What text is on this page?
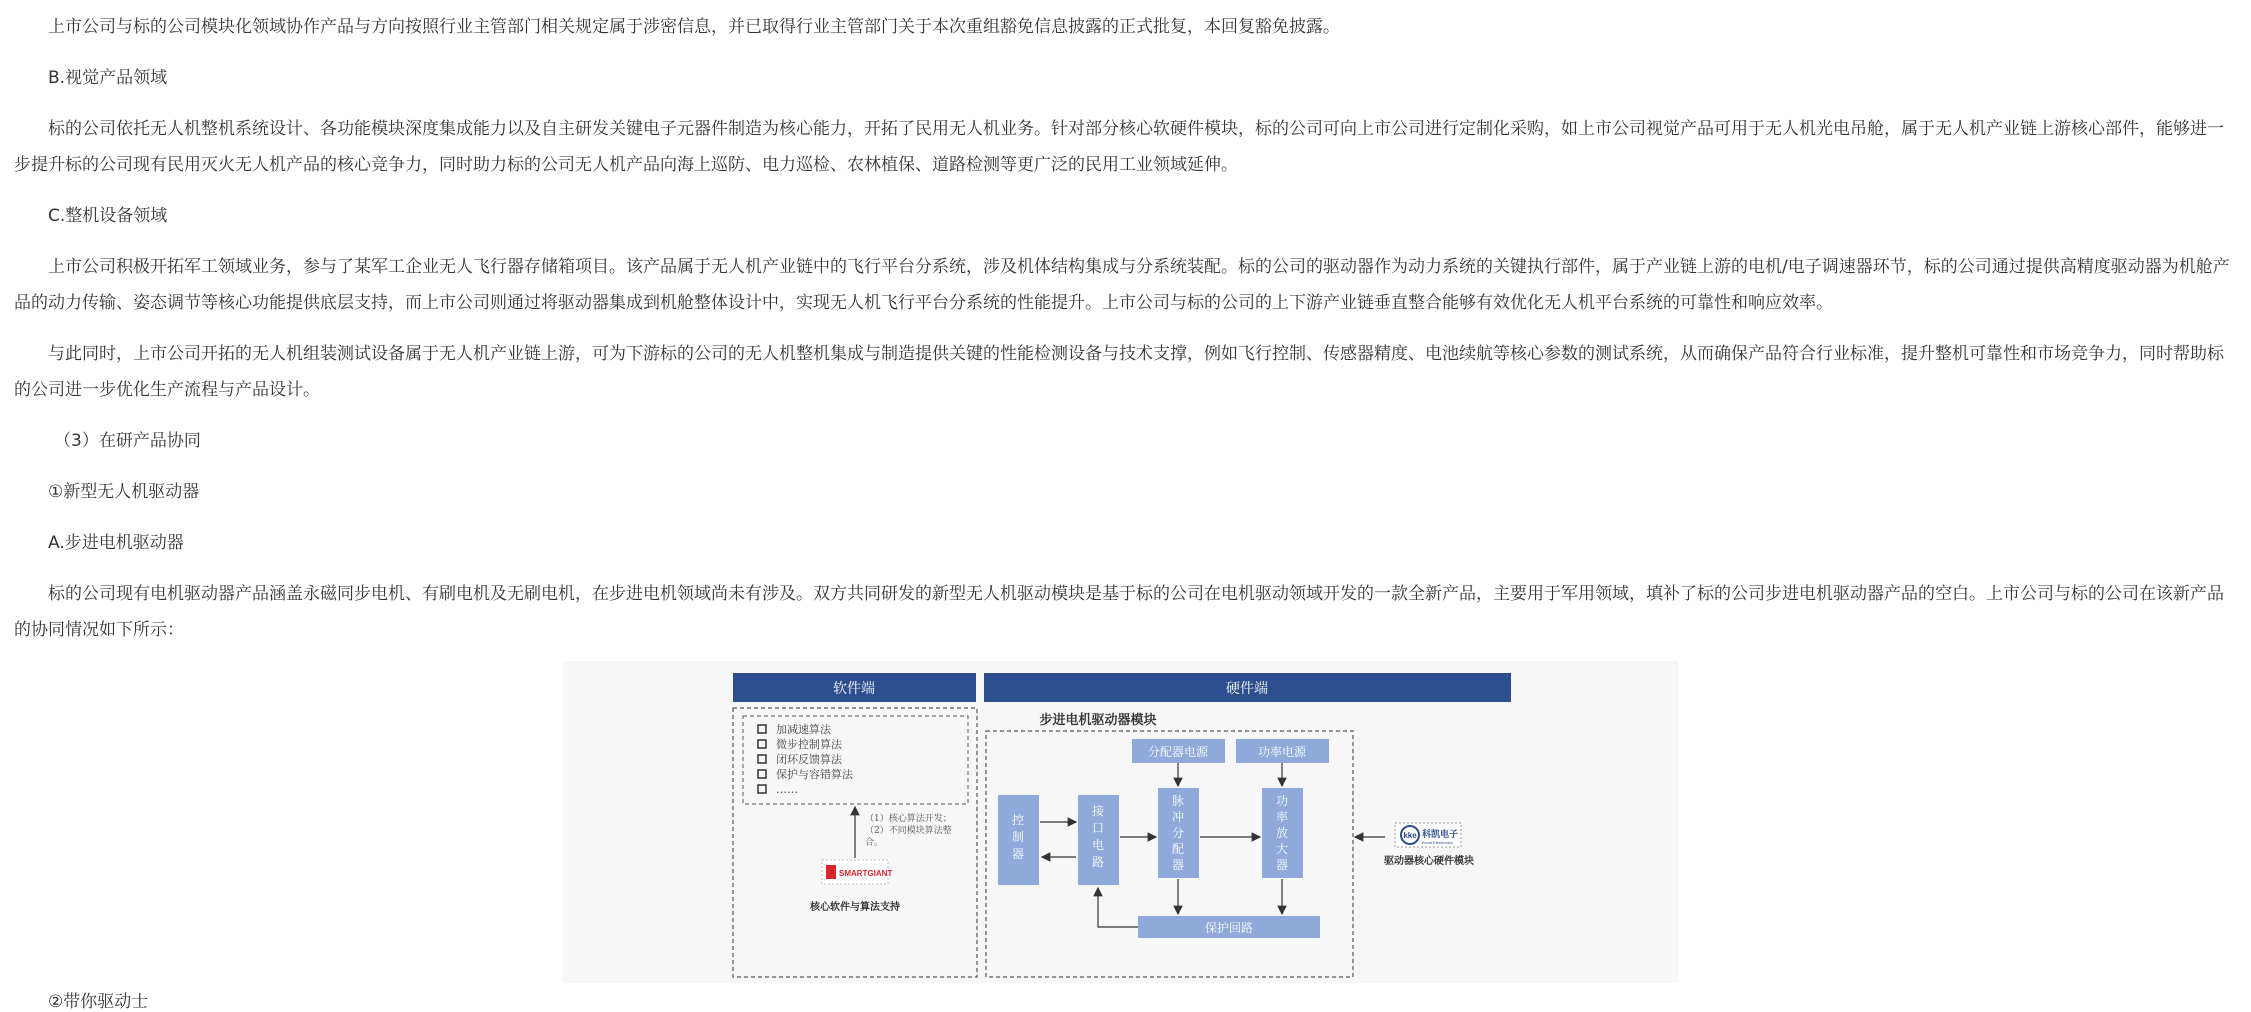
上市公司与标的公司模块化领域协作产品与方向按照行业主管部门相关规定属于涉密信息，并已取得行业主管部门关于本次重组豁免信息披露的正式批复，本回复豁免披露。

B.视觉产品领域

标的公司依托无人机整机系统设计、各功能模块深度集成能力以及自主研发关键电子元器件制造为核心能力，开拓了民用无人机业务。针对部分核心软硬件模块，标的公司可向上市公司进行定制化采购，如上市公司视觉产品可用于无人机光电吊舱，属于无人机产业链上游核心部件，能够进一步提升标的公司现有民用灭火无人机产品的核心竞争力，同时助力标的公司无人机产品向海上巡防、电力巡检、农林植保、道路检测等更广泛的民用工业领域延伸。

C.整机设备领域

上市公司积极开拓军工领域业务，参与了某军工企业无人飞行器存储箱项目。该产品属于无人机产业链中的飞行平台分系统，涉及机体结构集成与分系统装配。标的公司的驱动器作为动力系统的关键执行部件，属于产业链上游的电机/电子调速器环节，标的公司通过提供高精度驱动器为机舱产品的动力传输、姿态调节等核心功能提供底层支持，而上市公司则通过将驱动器集成到机舱整体设计中，实现无人机飞行平台分系统的性能提升。上市公司与标的公司的上下游产业链垂直整合能够有效优化无人机平台系统的可靠性和响应效率。

与此同时，上市公司开拓的无人机组装测试设备属于无人机产业链上游，可为下游标的公司的无人机整机集成与制造提供关键的性能检测设备与技术支撑，例如飞行控制、传感器精度、电池续航等核心参数的测试系统，从而确保产品符合行业标准，提升整机可靠性和市场竞争力，同时帮助标的公司进一步优化生产流程与产品设计。

（3）在研产品协同

①新型无人机驱动器

A.步进电机驱动器

标的公司现有电机驱动器产品涵盖永磁同步电机、有刷电机及无刷电机，在步进电机领域尚未有涉及。双方共同研发的新型无人机驱动模块是基于标的公司在电机驱动领域开发的一款全新产品，主要用于军用领域，填补了标的公司步进电机驱动器产品的空白。上市公司与标的公司在该新产品的协同情况如下所示：

软件端	硬件端
加减速算法
微步控制算法
闭环反馈算法
保护与容错算法
……
（1）核心算法开发；
（2）不同模块算法整
合。
SMARTGIANT
核心软件与算法支持
步进电机驱动器模块
分配器电源	功率电源
控
制
器
接
口
电
路
脉
冲
分
配
器
功
率
放
大
器
保护回路
kke 科凯电子
Kecai Electronics
驱动器核心硬件模块
②带你驱动士
